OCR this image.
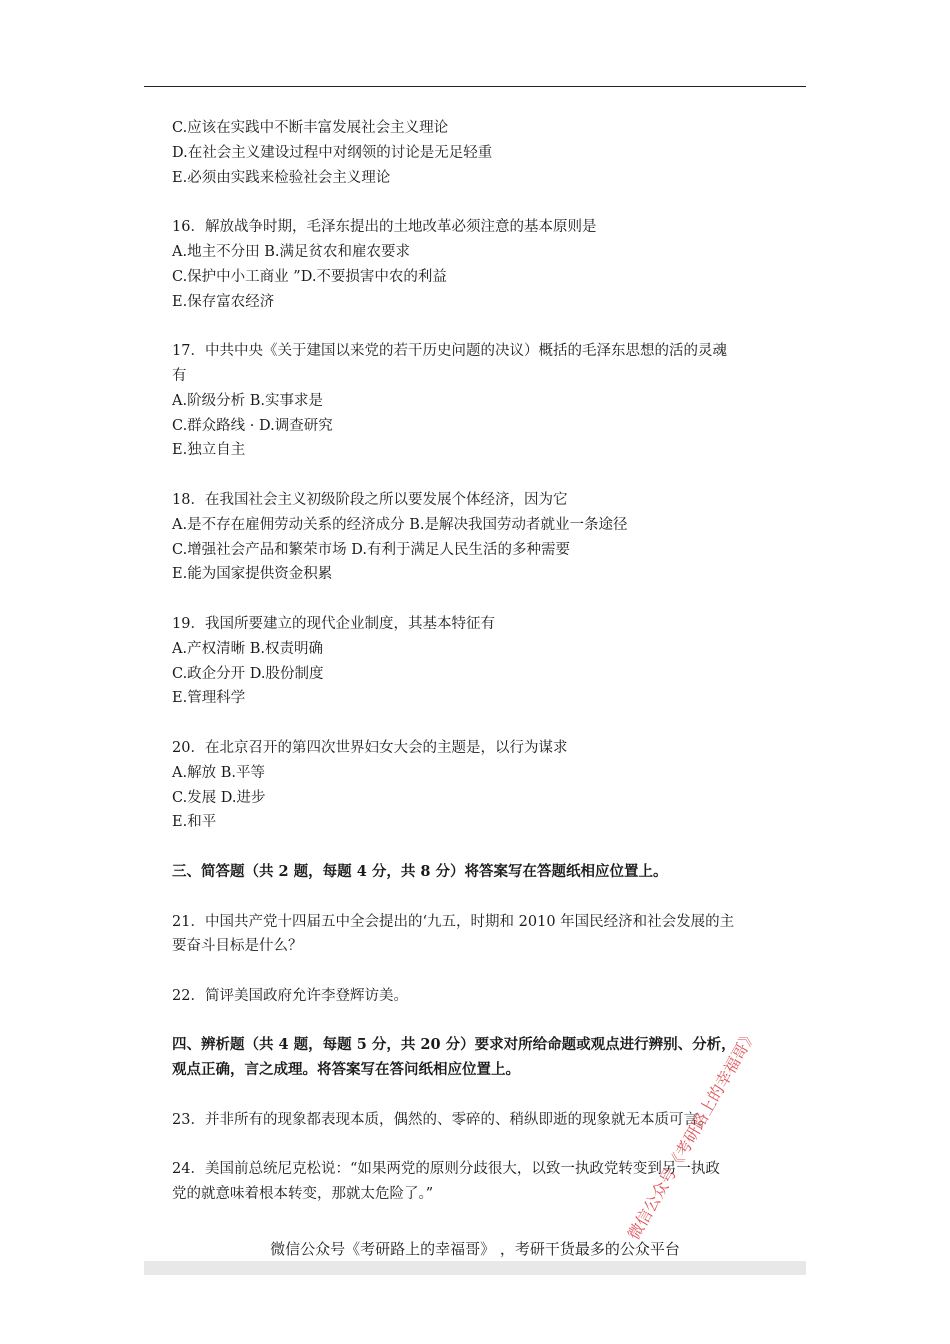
C.应该在实践中不断丰富发展社会主义理论
D.在社会主义建设过程中对纲领的讨论是无足轻重
E.必须由实践来检验社会主义理论
16．解放战争时期，毛泽东提出的土地改革必须注意的基本原则是
A.地主不分田 B.满足贫农和雇农要求
C.保护中小工商业 ”D.不要损害中农的利益
E.保存富农经济
17．中共中央《关于建国以来党的若干历史问题的决议）概括的毛泽东思想的活的灵魂
有
A.阶级分析 B.实事求是
C.群众路线 · D.调查研究
E.独立自主
18．在我国社会主义初级阶段之所以要发展个体经济，因为它
A.是不存在雇佣劳动关系的经济成分 B.是解决我国劳动者就业一条途径
C.增强社会产品和繁荣市场 D.有利于满足人民生活的多种需要
E.能为国家提供资金积累
19．我国所要建立的现代企业制度，其基本特征有
A.产权清晰 B.权责明确
C.政企分开 D.股份制度
E.管理科学
20．在北京召开的第四次世界妇女大会的主题是，以行为谋求
A.解放 B.平等
C.发展 D.进步
E.和平
三、简答题（共 2 题，每题 4 分，共 8 分）将答案写在答题纸相应位置上。
21．中国共产党十四届五中全会提出的‘九五，时期和 2010 年国民经济和社会发展的主
要奋斗目标是什么？
22．简评美国政府允许李登辉访美。
四、辨析题（共 4 题，每题 5 分，共 20 分）要求对所给命题或观点进行辨别、分析，
观点正确，言之成理。将答案写在答问纸相应位置上。
23．并非所有的现象都表现本质，偶然的、零碎的、稍纵即逝的现象就无本质可言。
24．美国前总统尼克松说：“如果两党的原则分歧很大，以致一执政党转变到另一执政
党的就意味着根本转变，那就太危险了。”	微信公众号《考研路上的幸福哥》
微信公众号《考研路上的幸福哥》 ，考研干货最多的公众平台
